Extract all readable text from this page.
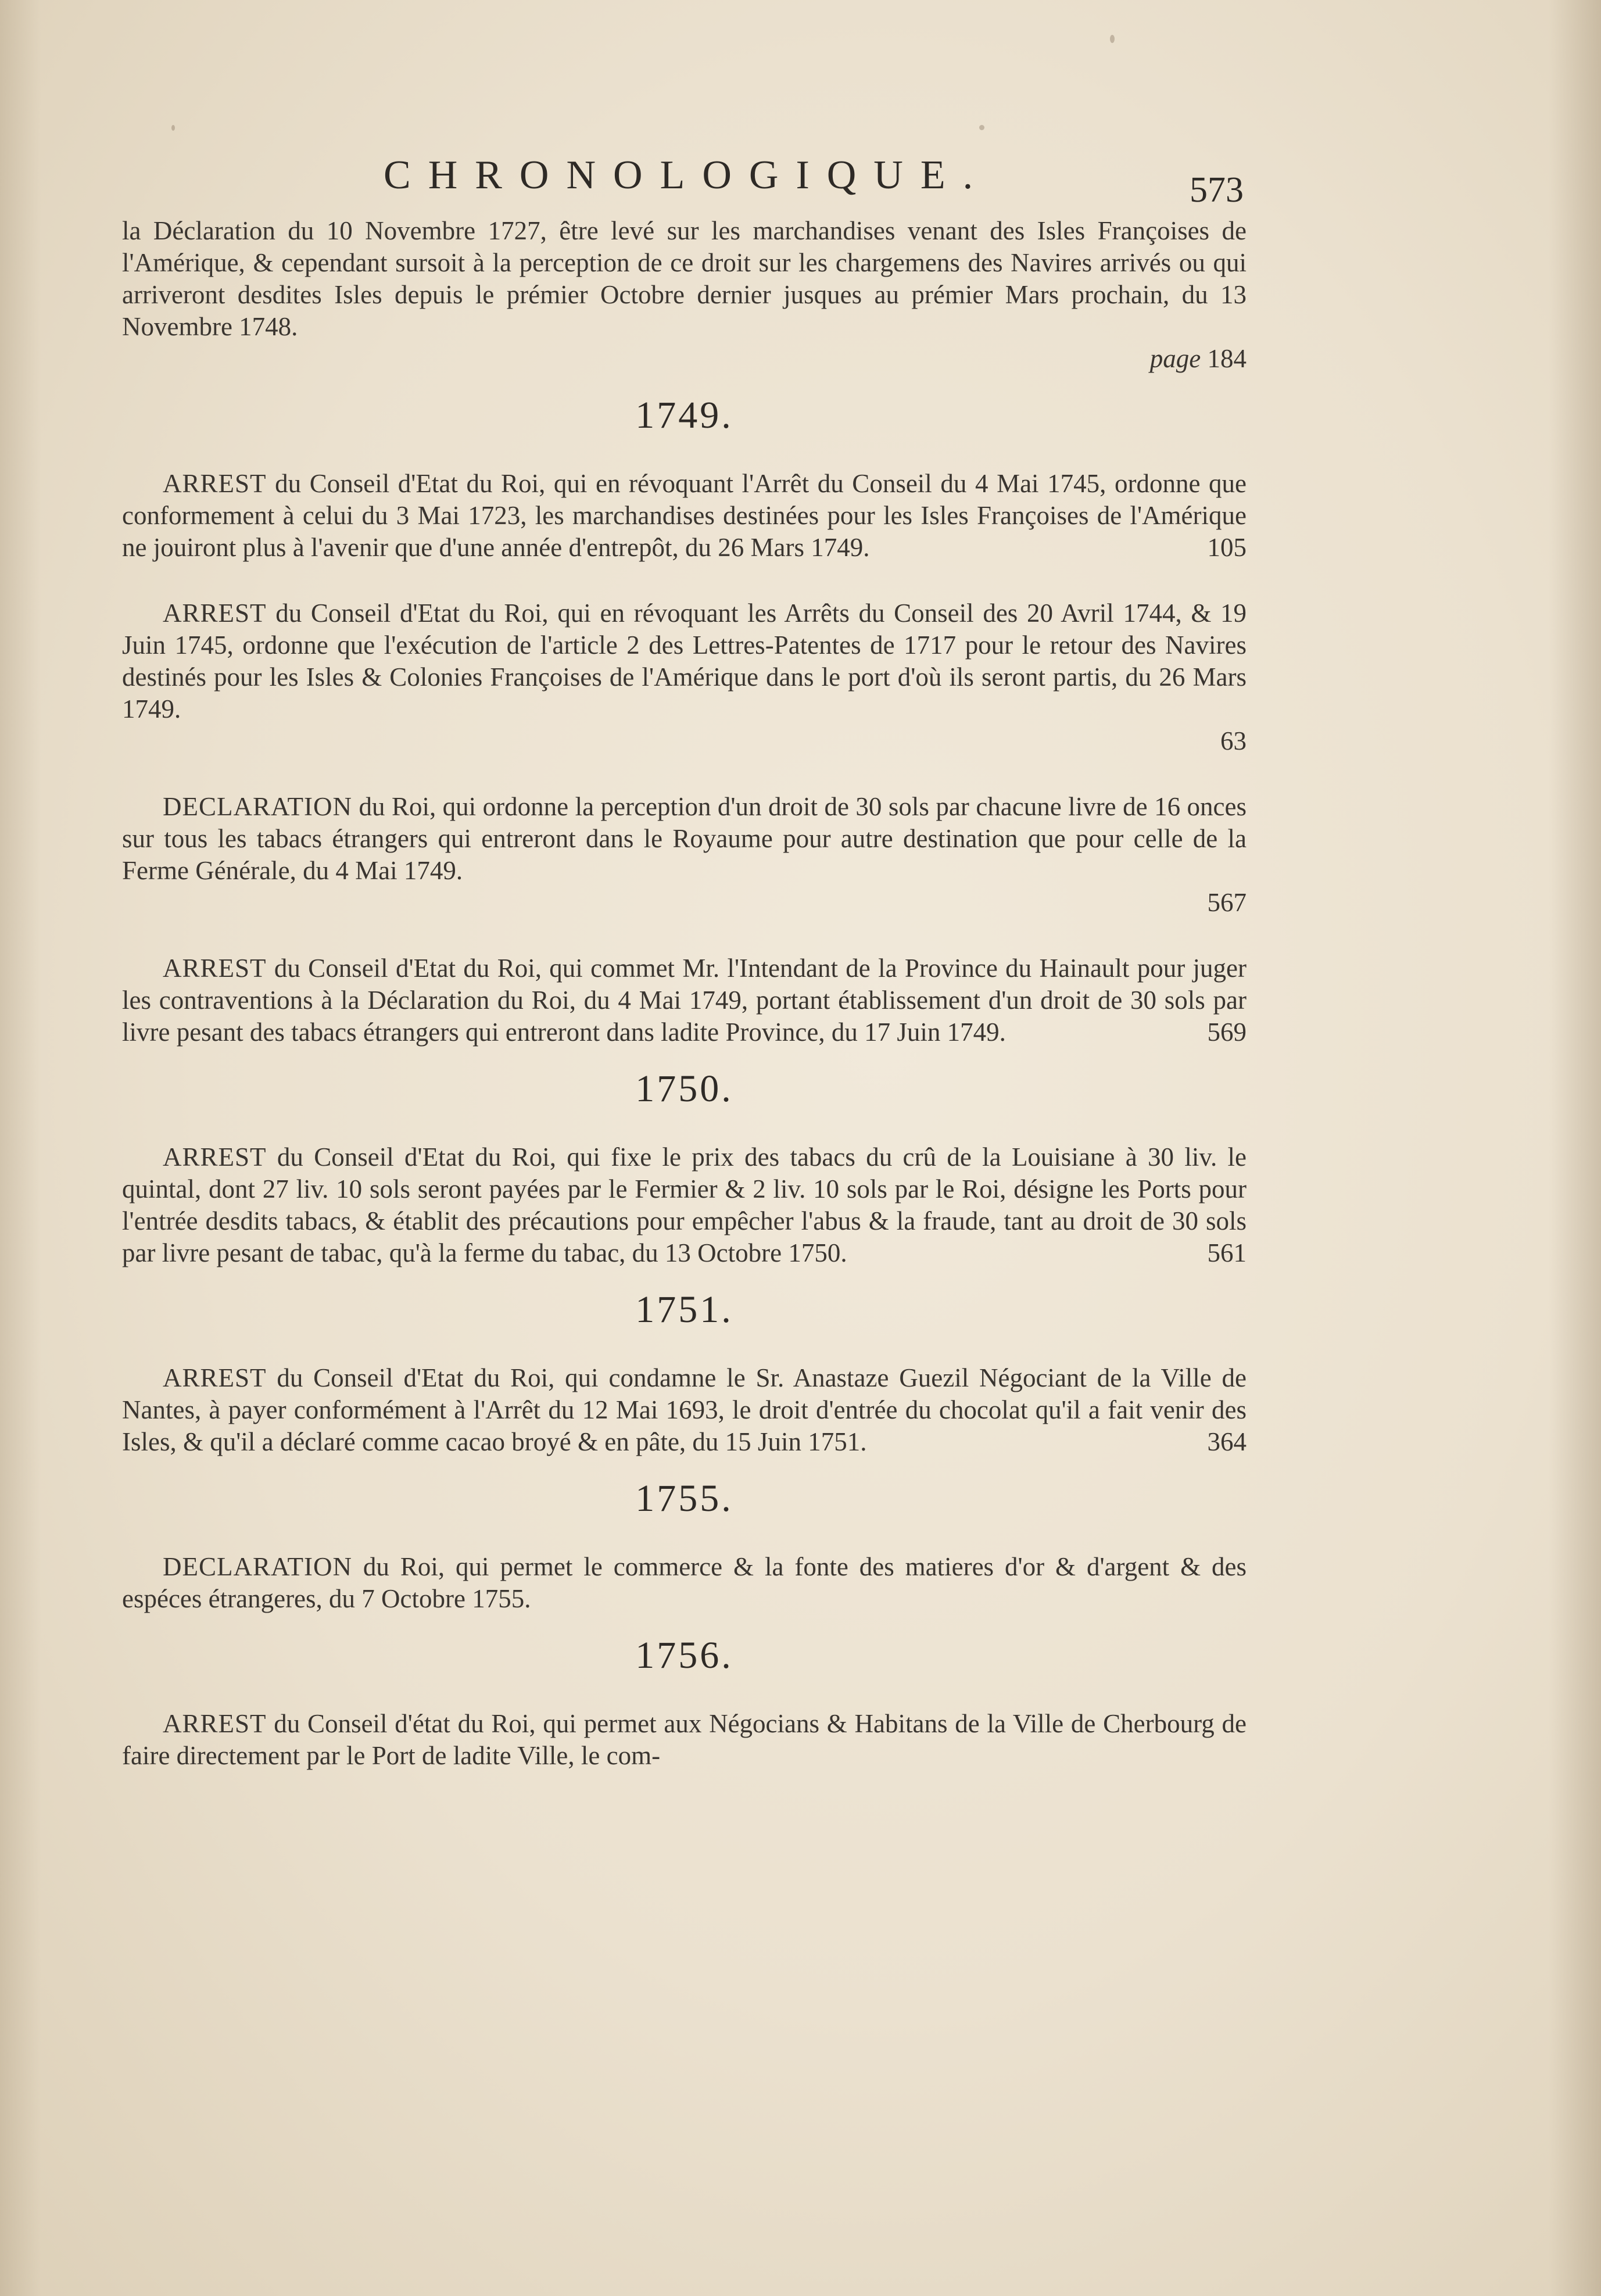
CHRONOLOGIQUE.	573

la Déclaration du 10 Novembre 1727, être levé sur les marchandises venant des Isles Françoises de l'Amérique, & cependant sursoit à la perception de ce droit sur les chargemens des Navires arrivés ou qui arriveront desdites Isles depuis le prémier Octobre dernier jusques au prémier Mars prochain, du 13 Novembre 1748.

page 184
1749.

ARREST du Conseil d'Etat du Roi, qui en révoquant l'Arrêt du Conseil du 4 Mai 1745, ordonne que conformement à celui du 3 Mai 1723, les marchandises destinées pour les Isles Françoises de l'Amérique ne jouiront plus à l'avenir que d'une année d'entrepôt, du 26 Mars 1749.	105

ARREST du Conseil d'Etat du Roi, qui en révoquant les Arrêts du Conseil des 20 Avril 1744, & 19 Juin 1745, ordonne que l'exécution de l'article 2 des Lettres-Patentes de 1717 pour le retour des Navires destinés pour les Isles & Colonies Françoises de l'Amérique dans le port d'où ils seront partis, du 26 Mars 1749.

63

DECLARATION du Roi, qui ordonne la perception d'un droit de 30 sols par chacune livre de 16 onces sur tous les tabacs étrangers qui entreront dans le Royaume pour autre destination que pour celle de la Ferme Générale, du 4 Mai 1749.

567

ARREST du Conseil d'Etat du Roi, qui commet Mr. l'Intendant de la Province du Hainault pour juger les contraventions à la Déclaration du Roi, du 4 Mai 1749, portant établissement d'un droit de 30 sols par livre pesant des tabacs étrangers qui entreront dans ladite Province, du 17 Juin 1749.	569

1750.

ARREST du Conseil d'Etat du Roi, qui fixe le prix des tabacs du crû de la Louisiane à 30 liv. le quintal, dont 27 liv. 10 sols seront payées par le Fermier & 2 liv. 10 sols par le Roi, désigne les Ports pour l'entrée desdits tabacs, & établit des précautions pour empêcher l'abus & la fraude, tant au droit de 30 sols par livre pesant de tabac, qu'à la ferme du tabac, du 13 Octobre 1750.	561

1751.

ARREST du Conseil d'Etat du Roi, qui condamne le Sr. Anastaze Guezil Négociant de la Ville de Nantes, à payer conformément à l'Arrêt du 12 Mai 1693, le droit d'entrée du chocolat qu'il a fait venir des Isles, & qu'il a déclaré comme cacao broyé & en pâte, du 15 Juin 1751.	364

1755.

DECLARATION du Roi, qui permet le commerce & la fonte des matieres d'or & d'argent & des espéces étrangeres, du 7 Octobre 1755.

1756.

ARREST du Conseil d'état du Roi, qui permet aux Négocians & Habitans de la Ville de Cherbourg de faire directement par le Port de ladite Ville, le com-
